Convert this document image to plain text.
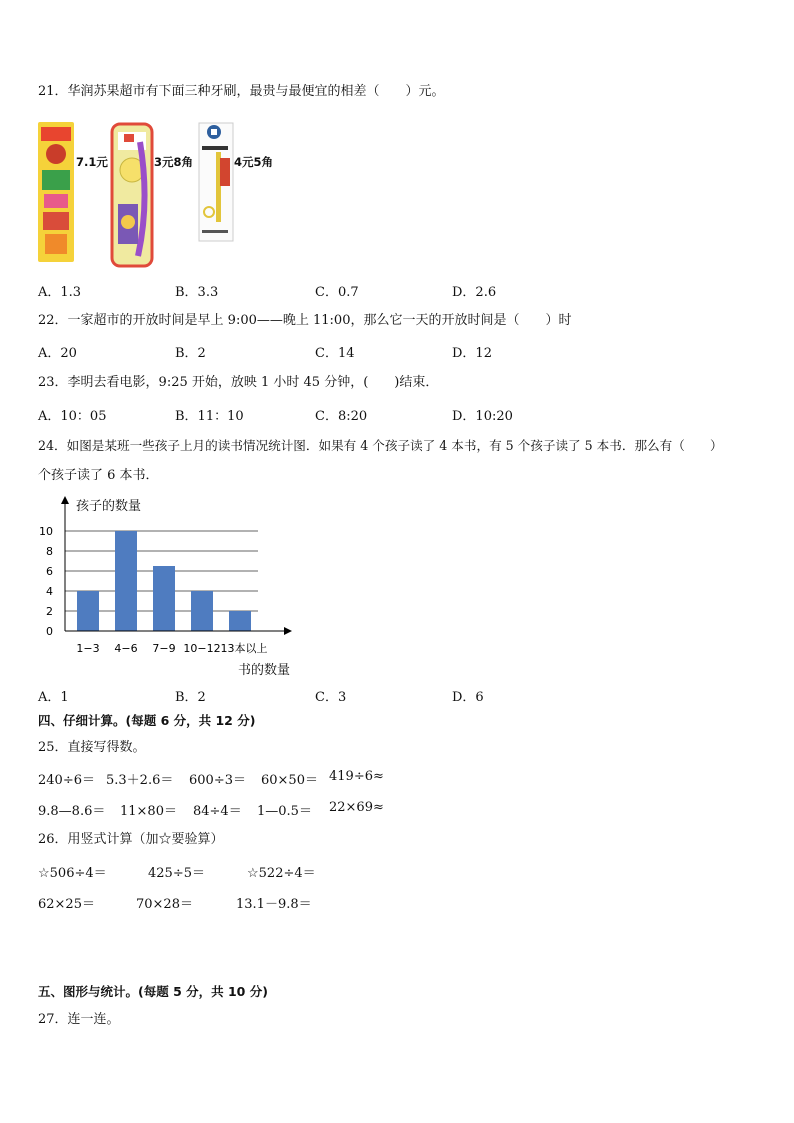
21．华润苏果超市有下面三种牙刷，最贵与最便宜的相差（　　）元。
7.1元	3元8角	4元5角
A．1.3	B．3.3	C．0.7	D．2.6
22．一家超市的开放时间是早上 9:00——晚上 11:00，那么它一天的开放时间是（　　）时
A．20	B．2	C．14	D．12
23．李明去看电影，9:25 开始，放映 1 小时 45 分钟，(　　)结束．
A．10：05	B．11：10	C．8:20	D．10:20
24．如图是某班一些孩子上月的读书情况统计图．如果有 4 个孩子读了 4 本书，有 5 个孩子读了 5 本书．那么有（　　）
个孩子读了 6 本书．
0
2
4
6
8
10
1−3 4−6 7−9 10−12 13本以上
孩子的数量
书的数量
A．1	B．2	C．3	D．6
四、仔细计算。(每题 6 分，共 12 分)
25．直接写得数。
240÷6＝ 5.3＋2.6＝ 600÷3＝ 60×50＝ 419÷6≈
9.8—8.6＝ 11×80＝ 84÷4＝ 1—0.5＝ 22×69≈
26．用竖式计算（加☆要验算）
☆506÷4＝	425÷5＝	☆522÷4＝
62×25＝	70×28＝	13.1－9.8＝
五、图形与统计。(每题 5 分，共 10 分)
27．连一连。
